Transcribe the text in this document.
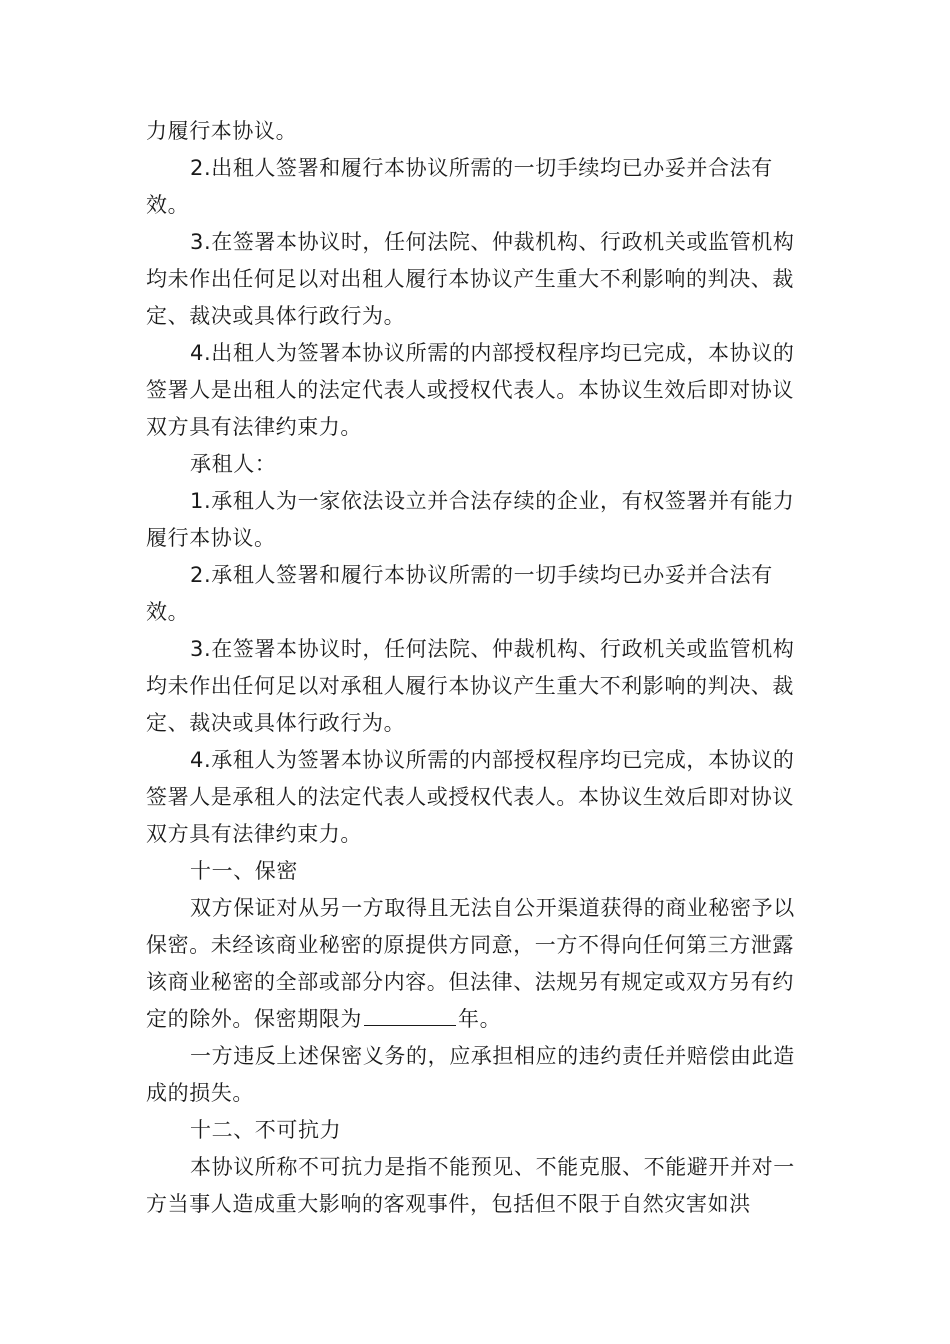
力履行本协议。

2.出租人签署和履行本协议所需的一切手续均已办妥并合法有效。

3.在签署本协议时，任何法院、仲裁机构、行政机关或监管机构均未作出任何足以对出租人履行本协议产生重大不利影响的判决、裁定、裁决或具体行政行为。

4.出租人为签署本协议所需的内部授权程序均已完成，本协议的签署人是出租人的法定代表人或授权代表人。本协议生效后即对协议双方具有法律约束力。

承租人：

1.承租人为一家依法设立并合法存续的企业，有权签署并有能力履行本协议。

2.承租人签署和履行本协议所需的一切手续均已办妥并合法有效。

3.在签署本协议时，任何法院、仲裁机构、行政机关或监管机构均未作出任何足以对承租人履行本协议产生重大不利影响的判决、裁定、裁决或具体行政行为。

4.承租人为签署本协议所需的内部授权程序均已完成，本协议的签署人是承租人的法定代表人或授权代表人。本协议生效后即对协议双方具有法律约束力。

十一、保密

双方保证对从另一方取得且无法自公开渠道获得的商业秘密予以保密。未经该商业秘密的原提供方同意，一方不得向任何第三方泄露该商业秘密的全部或部分内容。但法律、法规另有规定或双方另有约定的除外。保密期限为	年。

一方违反上述保密义务的，应承担相应的违约责任并赔偿由此造成的损失。

十二、不可抗力

本协议所称不可抗力是指不能预见、不能克服、不能避开并对一方当事人造成重大影响的客观事件，包括但不限于自然灾害如洪
